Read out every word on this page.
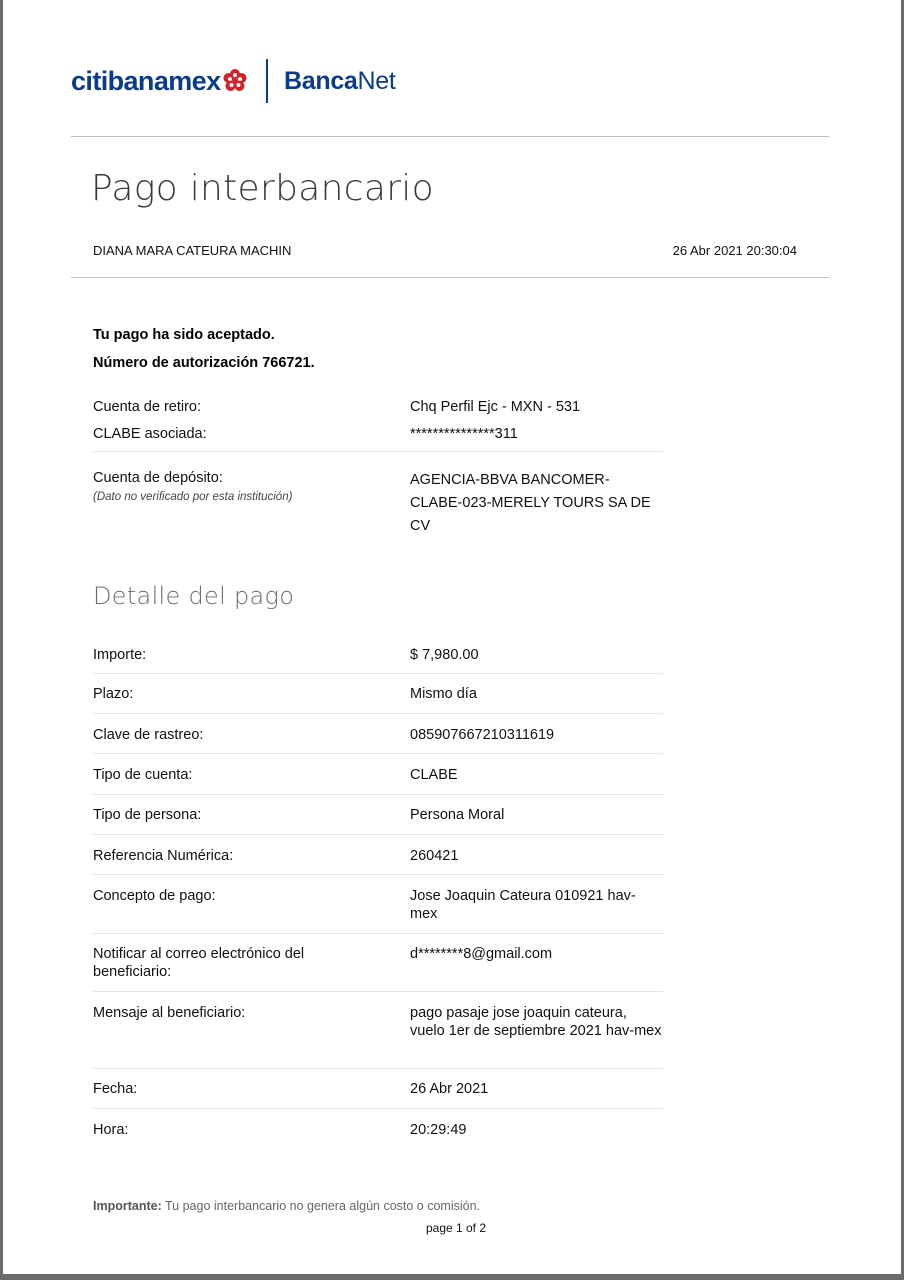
citi banamex	BancaNet
Pago interbancario
DIANA MARA CATEURA MACHIN	26 Abr 2021 20:30:04
Tu pago ha sido aceptado.
Número de autorización 766721.
Cuenta de retiro:	Chq Perfil Ejc - MXN - 531
CLABE asociada:	***************311
Cuenta de depósito:
(Dato no verificado por esta institución)
AGENCIA-BBVA BANCOMER-CLABE-023-MERELY TOURS SA DE CV
Detalle del pago
Importe:	$ 7,980.00
Plazo:	Mismo día
Clave de rastreo:	085907667210311619
Tipo de cuenta:	CLABE
Tipo de persona:	Persona Moral
Referencia Numérica:	260421
Concepto de pago:	Jose Joaquin Cateura 010921 hav-mex
Notificar al correo electrónico del beneficiario:
d********8@gmail.com
Mensaje al beneficiario:	pago pasaje jose joaquin cateura, vuelo 1er de septiembre 2021 hav-mex
Fecha:	26 Abr 2021
Hora:	20:29:49
Importante: Tu pago interbancario no genera algún costo o comisión.
page 1 of 2
